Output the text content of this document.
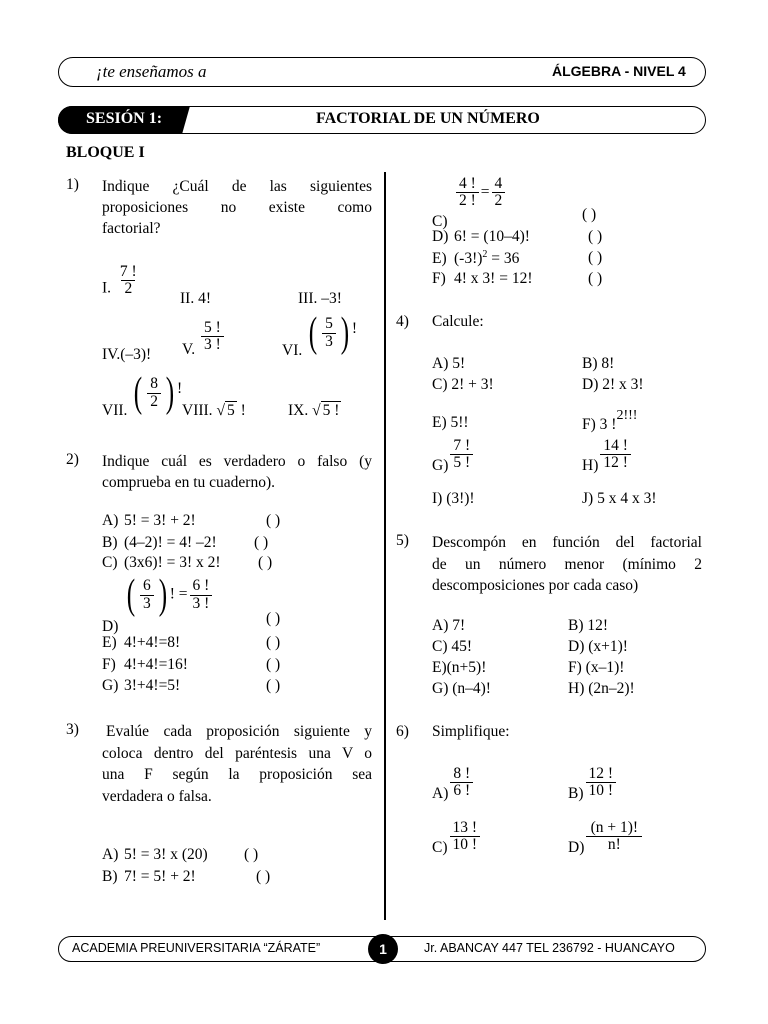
¡te enseñamos a	ÁLGEBRA - NIVEL 4
SESIÓN 1:	FACTORIAL DE UN NÚMERO
BLOQUE I
1) Indique ¿Cuál de las siguientes
proposiciones no existe como
factorial?
I. $\frac{7 !}{2}$
II. 4!	III. –3!
IV.(–3)! V. $\frac{5 !}{3 !}$	VI. ( $\frac{5}{3}$ ) !
VII. ( $\frac{8}{2}$ ) !
VIII. √ 5 !	IX. √ 5 !
2) Indique cuál es verdadero o falso (y
comprueba en tu cuaderno).
A) 5! = 3! + 2!	( )
B) (4–2)! = 4! –2! ( )
C) (3x6)! = 3! x 2! ( )
D)
( $\frac{6}{3}$ ) ! = $\frac{6 !}{3 !}$
( )
E) 4!+4!=8!	( )
F) 4!+4!=16!	( )
G) 3!+4!=5!	( )
3) Evalúe cada proposición siguiente y
coloca dentro del paréntesis una V o
una F según la proposición sea
verdadera o falsa.
A) 5! = 3! x (20) ( )
B) 7! = 5! + 2!	( )
C)
$\frac{4 !}{2 !} = \frac{4}{2}$
( )
D) 6! = (10–4)!	( )
E) $(-3!)^2 = 36$	( )
F) 4! x 3! = 12!	( )
4) Calcule:
A) 5!	B) 8!
C) 2! + 3!	D) 2! x 3!
E) 5!!	F) 3 !$^{2!!!}$
$G) \frac{7 !}{5 !}$	$H) \frac{14 !}{12 !}$
I) (3!)!	J) 5 x 4 x 3!
5) Descompón en función del factorial
de un número menor (mínimo 2
descomposiciones por cada caso)
A) 7!	B) 12!
C) 45!	D) (x+1)!
E)(n+5)!	F) (x–1)!
G) (n–4)!	H) (2n–2)!
6) Simplifique:
$A) \frac{8 !}{6 !}$	$B) \frac{12 !}{10 !}$
$C) \frac{13 !}{10 !}$	$D) \frac{(n + 1)!}{n!}$
ACADEMIA PREUNIVERSITARIA “ZÁRATE”	1	Jr. ABANCAY 447 TEL 236792 - HUANCAYO
